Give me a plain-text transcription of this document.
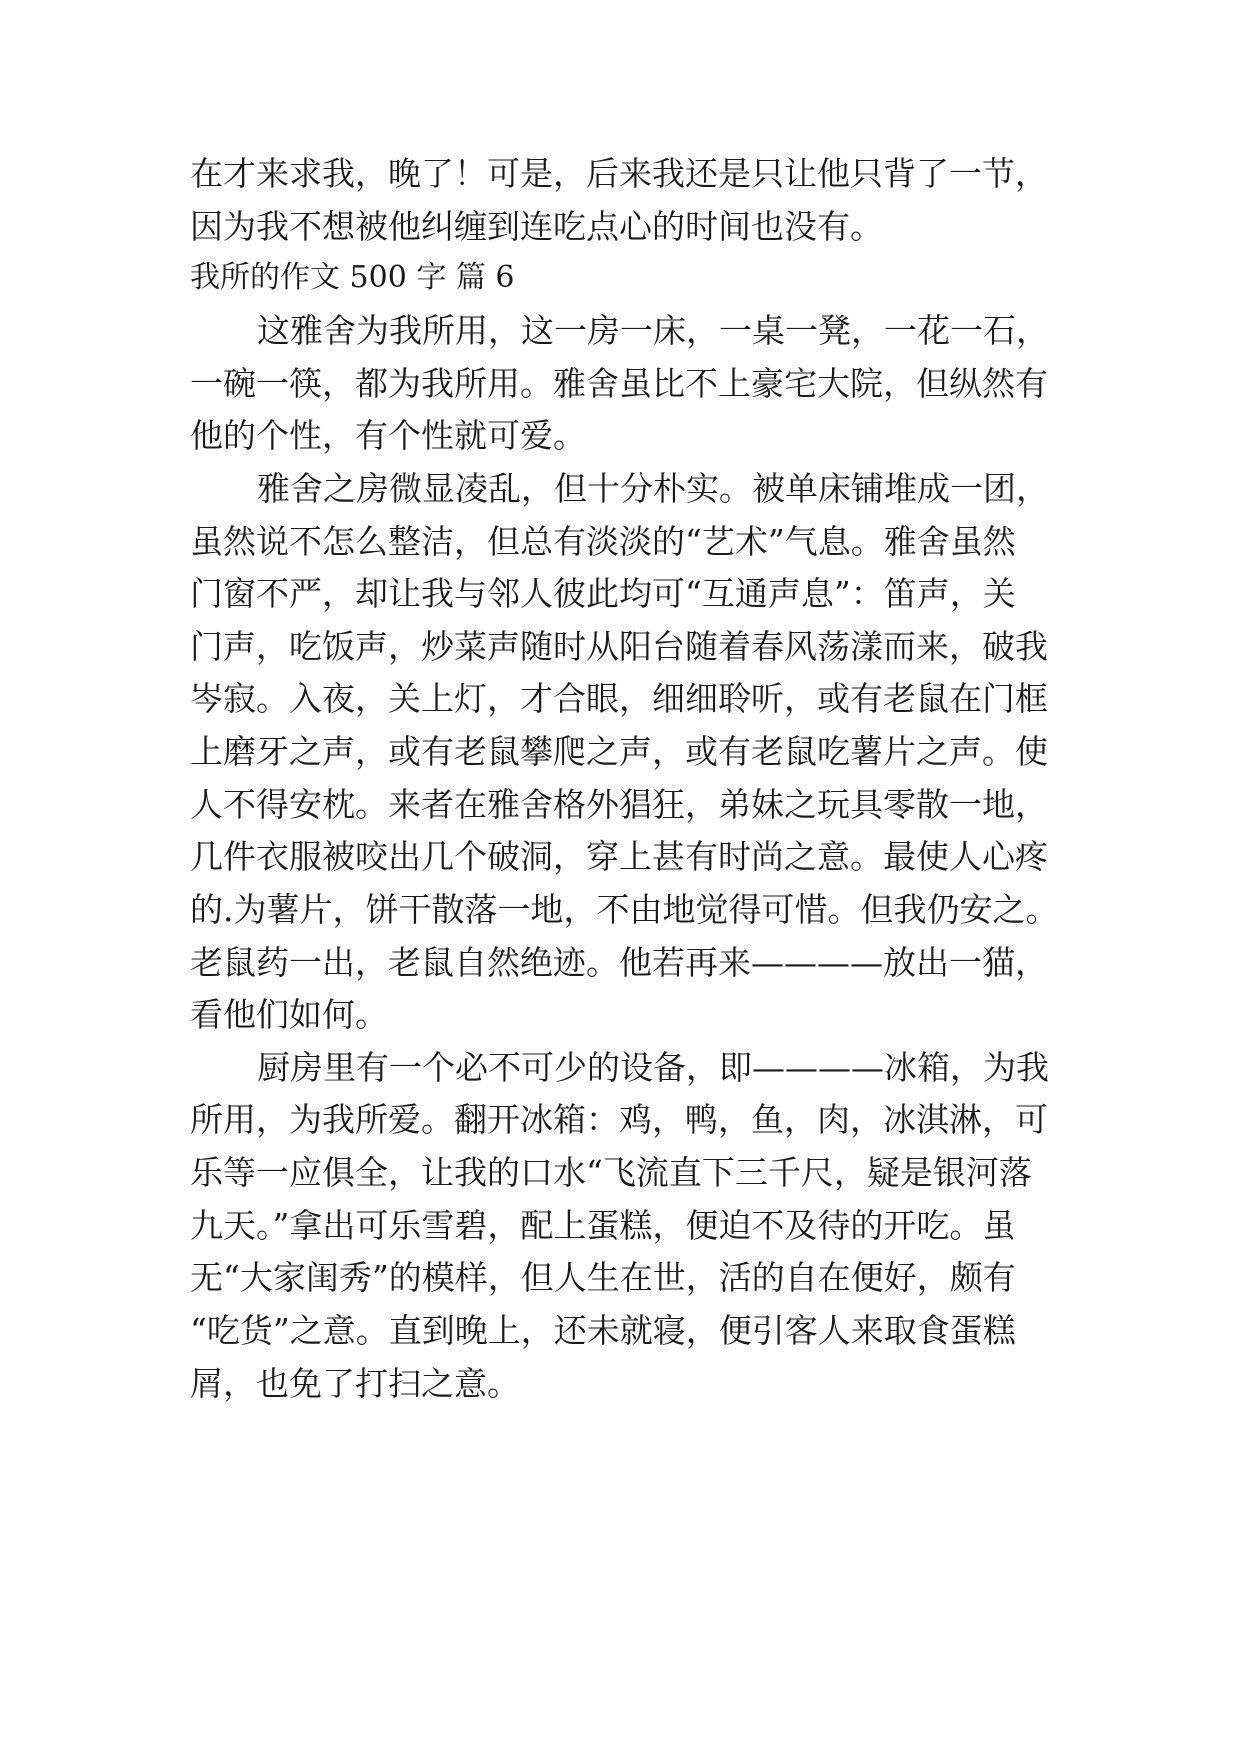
在才来求我，晚了！可是，后来我还是只让他只背了一节，
因为我不想被他纠缠到连吃点心的时间也没有。
我所的作文 500 字 篇 6
这雅舍为我所用，这一房一床，一桌一凳，一花一石，
一碗一筷，都为我所用。雅舍虽比不上豪宅大院，但纵然有
他的个性，有个性就可爱。
雅舍之房微显凌乱，但十分朴实。被单床铺堆成一团，
虽然说不怎么整洁，但总有淡淡的“艺术”气息。雅舍虽然
门窗不严，却让我与邻人彼此均可“互通声息”：笛声，关
门声，吃饭声，炒菜声随时从阳台随着春风荡漾而来，破我
岑寂。入夜，关上灯，才合眼，细细聆听，或有老鼠在门框
上磨牙之声，或有老鼠攀爬之声，或有老鼠吃薯片之声。使
人不得安枕。来者在雅舍格外猖狂，弟妹之玩具零散一地，
几件衣服被咬出几个破洞，穿上甚有时尚之意。最使人心疼
的.为薯片，饼干散落一地，不由地觉得可惜。但我仍安之。
老鼠药一出，老鼠自然绝迹。他若再来————放出一猫，
看他们如何。
厨房里有一个必不可少的设备，即————冰箱，为我
所用，为我所爱。翻开冰箱：鸡，鸭，鱼，肉，冰淇淋，可
乐等一应俱全，让我的口水“飞流直下三千尺，疑是银河落
九天。”拿出可乐雪碧，配上蛋糕，便迫不及待的开吃。虽
无“大家闺秀”的模样，但人生在世，活的自在便好，颇有
“吃货”之意。直到晚上，还未就寝，便引客人来取食蛋糕
屑，也免了打扫之意。
